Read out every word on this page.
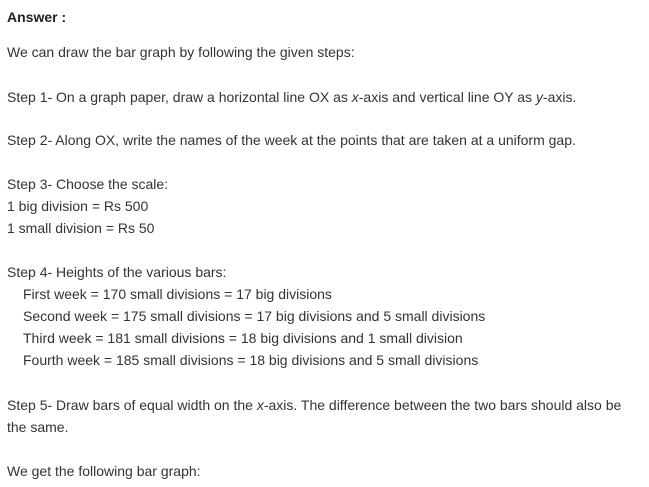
Answer :
We can draw the bar graph by following the given steps:
Step 1- On a graph paper, draw a horizontal line OX as x-axis and vertical line OY as y-axis.
Step 2- Along OX, write the names of the week at the points that are taken at a uniform gap.
Step 3- Choose the scale:
1 big division = Rs 500
1 small division = Rs 50
Step 4- Heights of the various bars:
First week = 170 small divisions = 17 big divisions
Second week = 175 small divisions = 17 big divisions and 5 small divisions
Third week = 181 small divisions = 18 big divisions and 1 small division
Fourth week = 185 small divisions = 18 big divisions and 5 small divisions
Step 5- Draw bars of equal width on the x-axis. The difference between the two bars should also be
the same.
We get the following bar graph:
